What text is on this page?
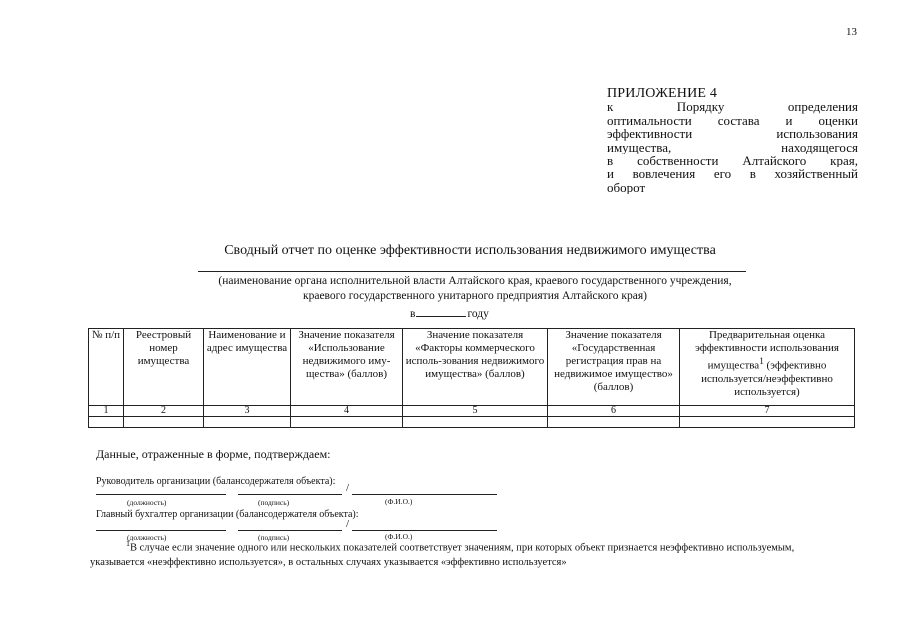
13
ПРИЛОЖЕНИЕ 4
к Порядку определения
оптимальности состава и оценки
эффективности использования
имущества, находящегося
в собственности Алтайского края,
и вовлечения его в хозяйственный
оборот
Сводный отчет по оценке эффективности использования недвижимого имущества
(наименование органа исполнительной власти Алтайского края, краевого государственного учреждения,
краевого государственного унитарного предприятия Алтайского края)
в	году
№ п/п	Реестровый номер имущества	Наименование и адрес имущества	Значение показателя «Использование недвижимого иму-щества» (баллов)	Значение показателя «Факторы коммерческого исполь-зования недвижимого имущества» (баллов)	Значение показателя «Государственная регистрация прав на недвижимое имущество» (баллов)	Предварительная оценка эффективности использования имущества$^1$ (эффективно используется/неэффективно используется)
1	2	3	4	5	6	7

Данные, отраженные в форме, подтверждаем:
Руководитель организации (балансодержателя объекта):
/
(должность)	(подпись)	(Ф.И.О.)
Главный бухгалтер организации (балансодержателя объекта):
/
(должность)	(подпись)	(Ф.И.О.)
$^1$В случае если значение одного или нескольких показателей соответствует значениям, при которых объект признается неэффективно используемым, указывается «неэффективно используется», в остальных случаях указывается «эффективно используется»
